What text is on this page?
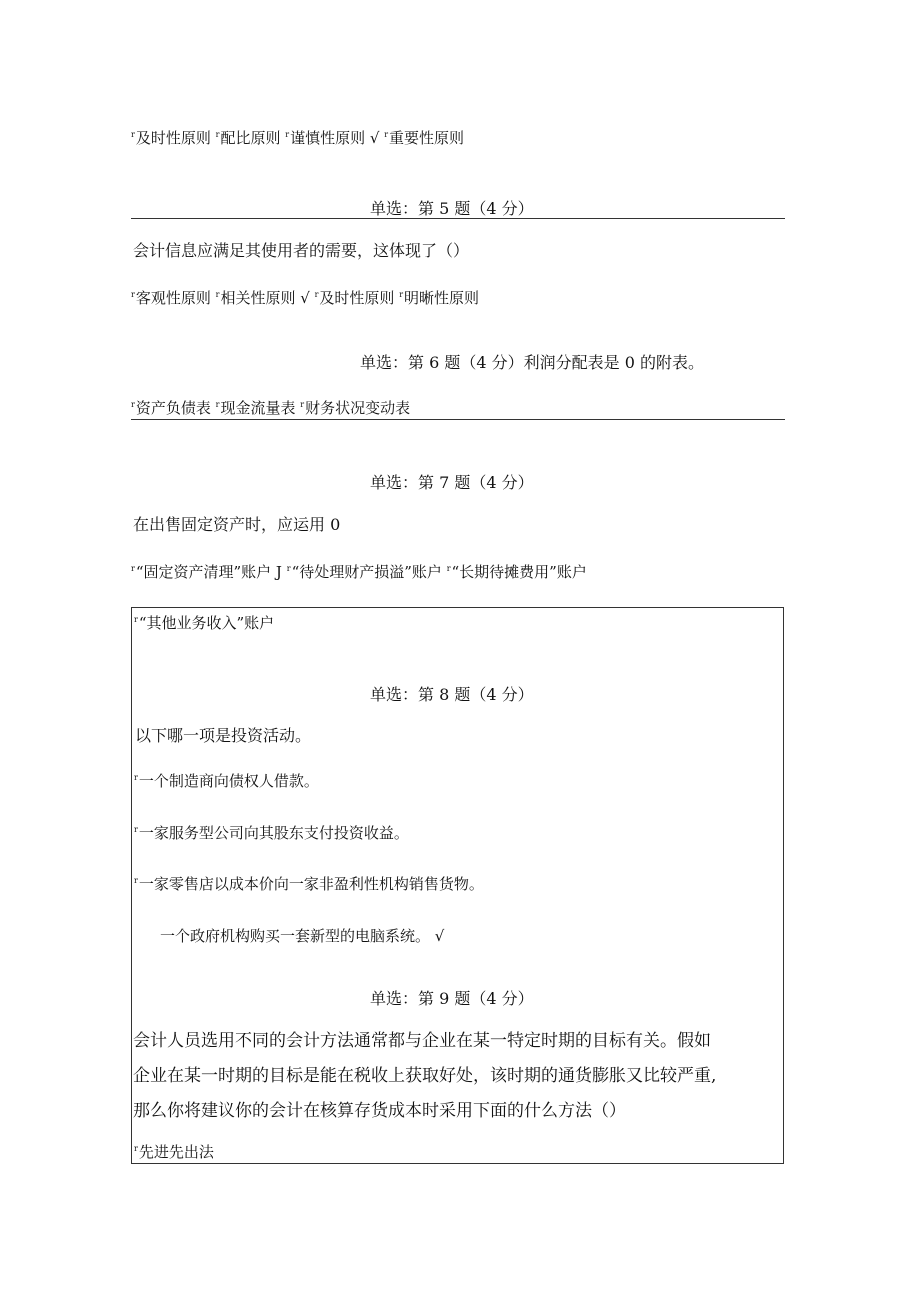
$^r$及时性原则 $^r$配比原则 $^r$谨慎性原则 √ $^r$重要性原则
单选：第 5 题（4 分）
会计信息应满足其使用者的需要，这体现了（）
$^r$客观性原则 $^r$相关性原则 √ $^r$及时性原则 $^r$明晰性原则
单选：第 6 题（4 分）利润分配表是 0 的附表。
$^r$资产负债表 $^r$现金流量表 $^r$财务状况变动表
单选：第 7 题（4 分）
在出售固定资产时，应运用 0
$^r$“固定资产清理”账户 J $^r$“待处理财产损溢”账户 $^r$“长期待摊费用”账户
$^r$“其他业务收入”账户
单选：第 8 题（4 分）
以下哪一项是投资活动。
$^r$一个制造商向债权人借款。
$^r$一家服务型公司向其股东支付投资收益。
$^r$一家零售店以成本价向一家非盈利性机构销售货物。
一个政府机构购买一套新型的电脑系统。 √
单选：第 9 题（4 分）
会计人员选用不同的会计方法通常都与企业在某一特定时期的目标有关。假如
企业在某一时期的目标是能在税收上获取好处，该时期的通货膨胀又比较严重,
那么你将建议你的会计在核算存货成本时采用下面的什么方法（）
$^r$先进先出法
